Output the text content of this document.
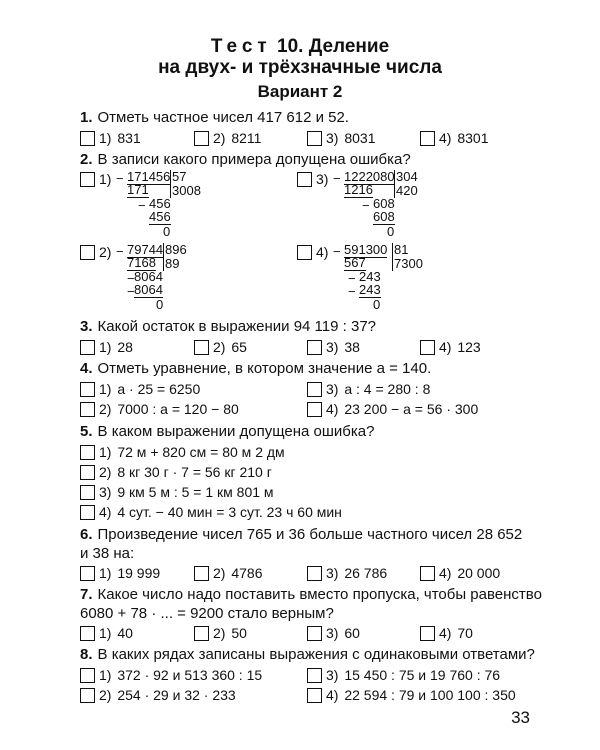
Тест 10. Деление
на двух- и трёхзначные числа
Вариант 2
1. Отметь частное чисел 417 612 и 52.
1) 831	2) 8211	3) 8031	4) 8301
2. В записи какого примера допущена ошибка?
1) − 171456 57
171 3008
− 456
456
0
3) − 1222080 304
1216 420
− 608
608
0
2) − 79744 896
7168 89
− 8064
− 8064
0
4) − 591300 81
567 7300
− 243
− 243
0
3. Какой остаток в выражении 94 119 : 37?
1) 28	2) 65	3) 38	4) 123
4. Отметь уравнение, в котором значение a = 140.
1) a · 25 = 6250	3) a : 4 = 280 : 8
2) 7000 : a = 120 − 80	4) 23 200 − a = 56 · 300
5. В каком выражении допущена ошибка?
1) 72 м + 820 см = 80 м 2 дм
2) 8 кг 30 г · 7 = 56 кг 210 г
3) 9 км 5 м : 5 = 1 км 801 м
4) 4 сут. − 40 мин = 3 сут. 23 ч 60 мин
6. Произведение чисел 765 и 36 больше частного чисел 28 652
и 38 на:
1) 19 999	2) 4786	3) 26 786	4) 20 000
7. Какое число надо поставить вместо пропуска, чтобы равенство
6080 + 78 · ... = 9200 стало верным?
1) 40	2) 50	3) 60	4) 70
8. В каких рядах записаны выражения с одинаковыми ответами?
1) 372 · 92 и 513 360 : 15	3) 15 450 : 75 и 19 760 : 76
2) 254 · 29 и 32 · 233	4) 22 594 : 79 и 100 100 : 350
33
